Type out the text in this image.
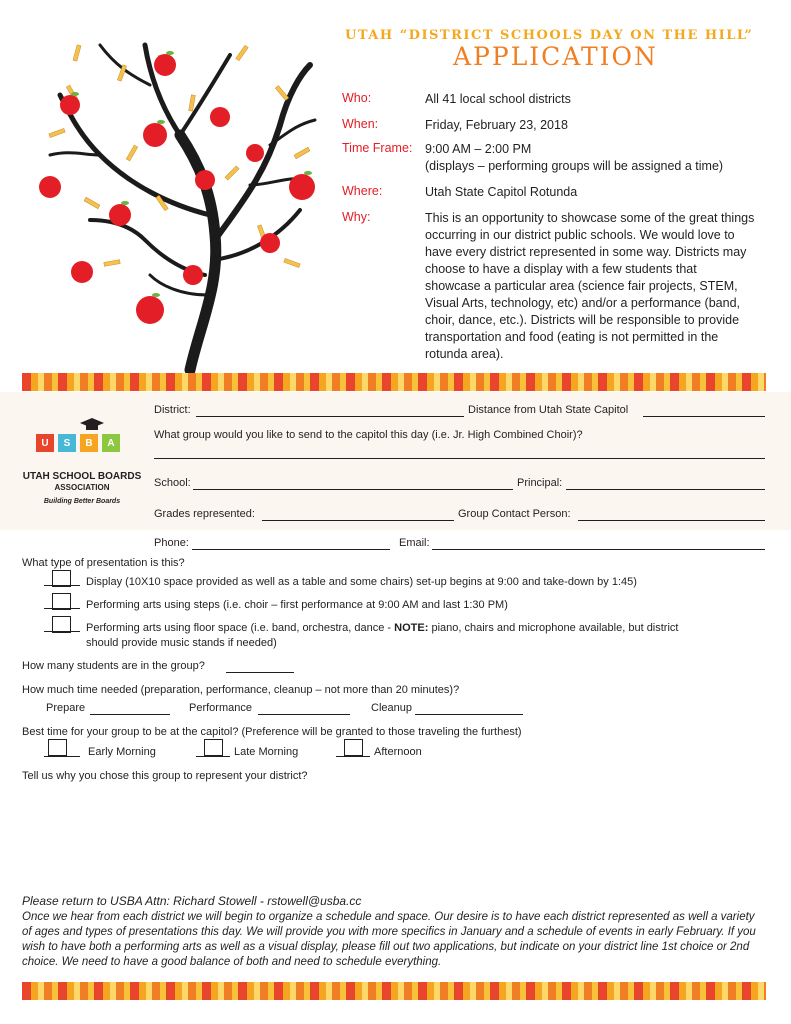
UTAH “DISTRICT SCHOOLS DAY ON THE HILL”
APPLICATION
Who:	All 41 local school districts
When:	Friday, February 23, 2018
Time Frame: 9:00 AM – 2:00 PM
(displays – performing groups will be assigned a time)
Where:	Utah State Capitol Rotunda
Why:	This is an opportunity to showcase some of the great things occurring in our district public schools. We would love to have every district represented in some way. Districts may choose to have a display with a few students that showcase a particular area (science fair projects, STEM, Visual Arts, technology, etc) and/or a performance (band, choir, dance, etc.). Districts will be responsible to provide transportation and food (eating is not permitted in the rotunda area).
U	S	B	A
UTAH SCHOOL BOARDS
ASSOCIATION
Building Better Boards
District:	Distance from Utah State Capitol
What group would you like to send to the capitol this day (i.e. Jr. High Combined Choir)?
School:	Principal:
Grades represented:	Group Contact Person:
Phone:	Email:
What type of presentation is this?
Display (10X10 space provided as well as a table and some chairs) set-up begins at 9:00 and take-down by 1:45)
Performing arts using steps (i.e. choir – first performance at 9:00 AM and last 1:30 PM)
Performing arts using floor space (i.e. band, orchestra, dance - NOTE: piano, chairs and microphone available, but district
should provide music stands if needed)
How many students are in the group?
How much time needed (preparation, performance, cleanup – not more than 20 minutes)?
Prepare	Performance	Cleanup
Best time for your group to be at the capitol? (Preference will be granted to those traveling the furthest)
Early Morning	Late Morning	Afternoon
Tell us why you chose this group to represent your district?
Please return to USBA Attn: Richard Stowell - rstowell@usba.cc
Once we hear from each district we will begin to organize a schedule and space. Our desire is to have each district represented as well a variety of ages and types of presentations this day. We will provide you with more specifics in January and a schedule of events in early February. If you wish to have both a performing arts as well as a visual display, please fill out two applications, but indicate on your district line 1st choice or 2nd choice. We need to have a good balance of both and need to schedule everything.
